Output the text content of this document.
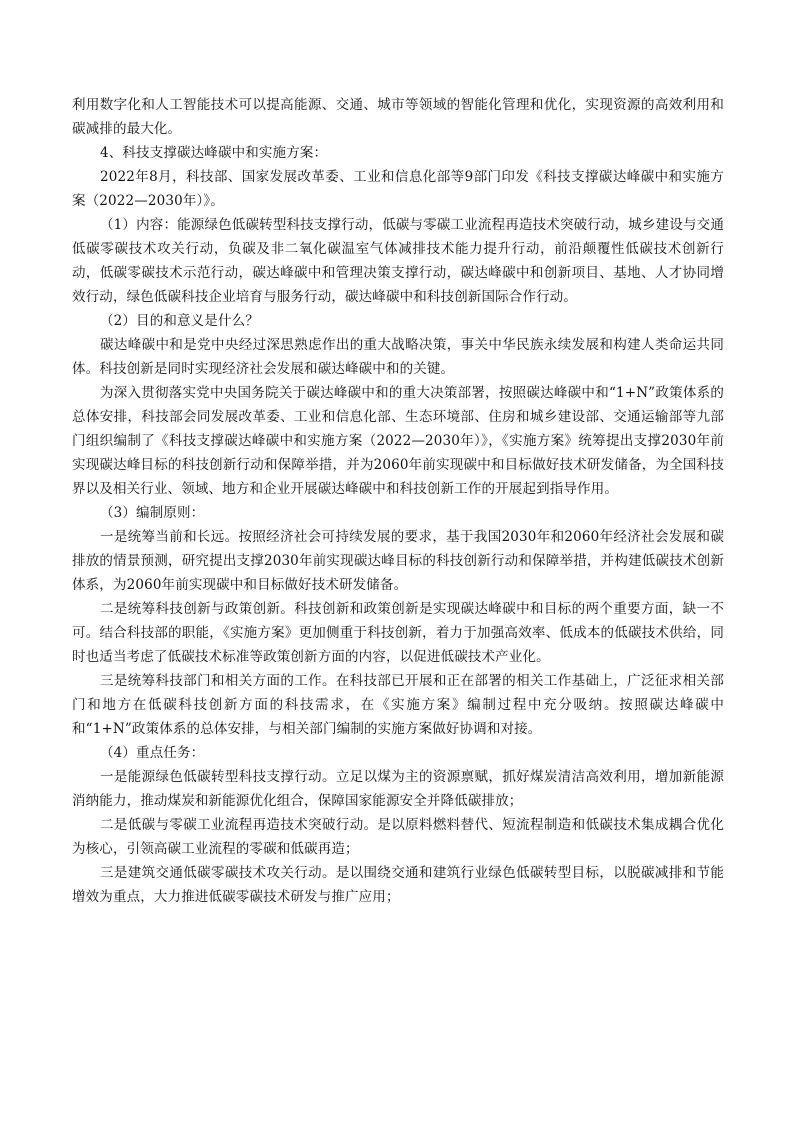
利用数字化和人工智能技术可以提高能源、交通、城市等领域的智能化管理和优化，实现资源的高效利用和碳减排的最大化。

4、科技支撑碳达峰碳中和实施方案：

2022年8月，科技部、国家发展改革委、工业和信息化部等9部门印发《科技支撑碳达峰碳中和实施方案（2022—2030年）》。

（1）内容：能源绿色低碳转型科技支撑行动，低碳与零碳工业流程再造技术突破行动，城乡建设与交通低碳零碳技术攻关行动，负碳及非二氧化碳温室气体减排技术能力提升行动，前沿颠覆性低碳技术创新行动，低碳零碳技术示范行动，碳达峰碳中和管理决策支撑行动，碳达峰碳中和创新项目、基地、人才协同增效行动，绿色低碳科技企业培育与服务行动，碳达峰碳中和科技创新国际合作行动。

（2）目的和意义是什么？

碳达峰碳中和是党中央经过深思熟虑作出的重大战略决策，事关中华民族永续发展和构建人类命运共同体。科技创新是同时实现经济社会发展和碳达峰碳中和的关键。

为深入贯彻落实党中央国务院关于碳达峰碳中和的重大决策部署，按照碳达峰碳中和“1+N”政策体系的总体安排，科技部会同发展改革委、工业和信息化部、生态环境部、住房和城乡建设部、交通运输部等九部门组织编制了《科技支撑碳达峰碳中和实施方案（2022—2030年）》，《实施方案》统筹提出支撑2030年前实现碳达峰目标的科技创新行动和保障举措，并为2060年前实现碳中和目标做好技术研发储备，为全国科技界以及相关行业、领域、地方和企业开展碳达峰碳中和科技创新工作的开展起到指导作用。

（3）编制原则：

一是统筹当前和长远。按照经济社会可持续发展的要求，基于我国2030年和2060年经济社会发展和碳排放的情景预测，研究提出支撑2030年前实现碳达峰目标的科技创新行动和保障举措，并构建低碳技术创新体系，为2060年前实现碳中和目标做好技术研发储备。

二是统筹科技创新与政策创新。科技创新和政策创新是实现碳达峰碳中和目标的两个重要方面，缺一不可。结合科技部的职能，《实施方案》更加侧重于科技创新，着力于加强高效率、低成本的低碳技术供给，同时也适当考虑了低碳技术标准等政策创新方面的内容，以促进低碳技术产业化。

三是统筹科技部门和相关方面的工作。在科技部已开展和正在部署的相关工作基础上，广泛征求相关部门和地方在低碳科技创新方面的科技需求，在《实施方案》编制过程中充分吸纳。按照碳达峰碳中和“1+N”政策体系的总体安排，与相关部门编制的实施方案做好协调和对接。

（4）重点任务：

一是能源绿色低碳转型科技支撑行动。立足以煤为主的资源禀赋，抓好煤炭清洁高效利用，增加新能源消纳能力，推动煤炭和新能源优化组合，保障国家能源安全并降低碳排放；

二是低碳与零碳工业流程再造技术突破行动。是以原料燃料替代、短流程制造和低碳技术集成耦合优化为核心，引领高碳工业流程的零碳和低碳再造；

三是建筑交通低碳零碳技术攻关行动。是以围绕交通和建筑行业绿色低碳转型目标，以脱碳减排和节能增效为重点，大力推进低碳零碳技术研发与推广应用；
